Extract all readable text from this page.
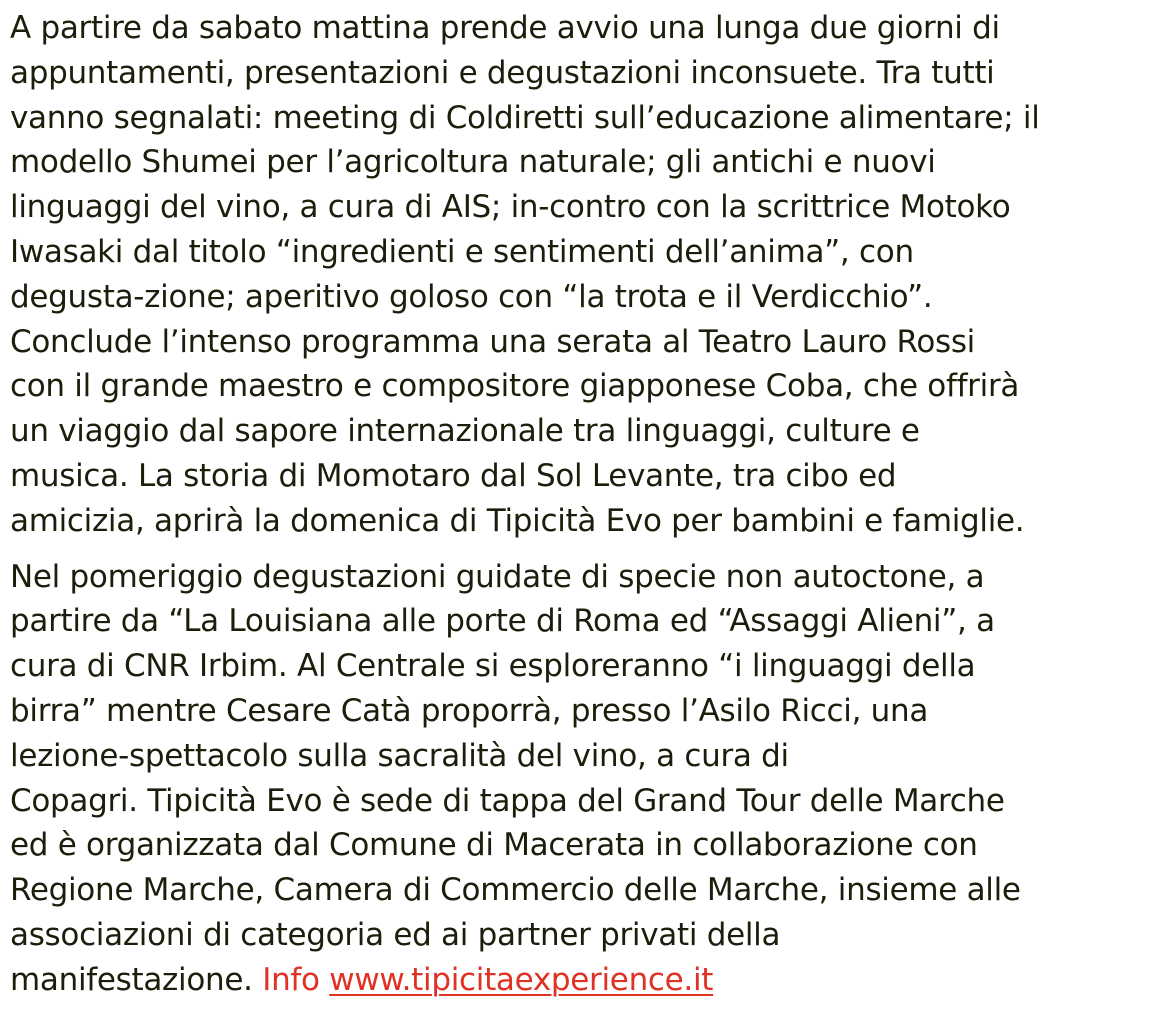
A partire da sabato mattina prende avvio una lunga due giorni di
appuntamenti, presentazioni e degustazioni inconsuete. Tra tutti
vanno segnalati: meeting di Coldiretti sull’educazione alimentare; il
modello Shumei per l’agricoltura naturale; gli antichi e nuovi
linguaggi del vino, a cura di AIS; in-contro con la scrittrice Motoko
Iwasaki dal titolo “ingredienti e sentimenti dell’anima”, con
degusta-zione; aperitivo goloso con “la trota e il Verdicchio”.
Conclude l’intenso programma una serata al Teatro Lauro Rossi
con il grande maestro e compositore giapponese Coba, che offrirà
un viaggio dal sapore internazionale tra linguaggi, culture e
musica. La storia di Momotaro dal Sol Levante, tra cibo ed
amicizia, aprirà la domenica di Tipicità Evo per bambini e famiglie.

Nel pomeriggio degustazioni guidate di specie non autoctone, a
partire da “La Louisiana alle porte di Roma ed “Assaggi Alieni”, a
cura di CNR Irbim. Al Centrale si esploreranno “i linguaggi della
birra” mentre Cesare Catà proporrà, presso l’Asilo Ricci, una
lezione-spettacolo sulla sacralità del vino, a cura di
Copagri. Tipicità Evo è sede di tappa del Grand Tour delle Marche
ed è organizzata dal Comune di Macerata in collaborazione con
Regione Marche, Camera di Commercio delle Marche, insieme alle
associazioni di categoria ed ai partner privati della
manifestazione. Info www.tipicitaexperience.it
